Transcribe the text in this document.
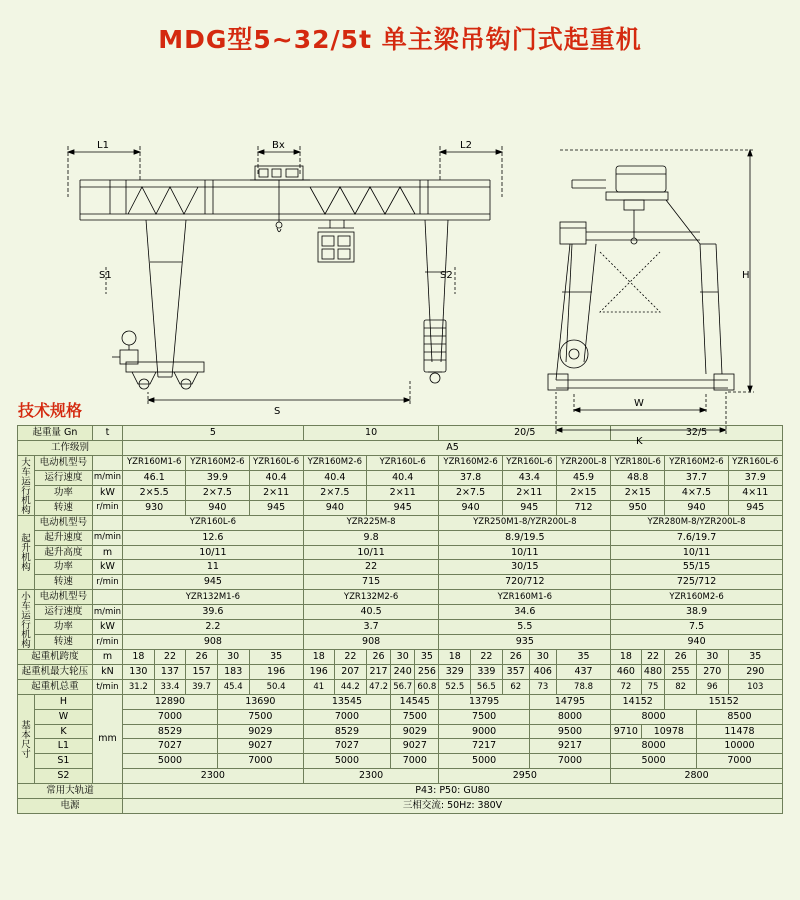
MDG型5~32/5t 单主梁吊钩门式起重机
L1	Bx	L2
S1	S2
S
W
K
H
技术规格
起重量 Gn		t	5					10					20/5					32/5				
工作级别			A5																			

大车运行机构	电动机型号		YZR160M1-6		YZR160M2-6		YZR160L-6	YZR160M2-6		YZR160L-6			YZR160M2-6		YZR160L-6		YZR200L-8	YZR180L-6		YZR160M2-6		YZR160L-6
	运行速度	m/min	46.1		39.9		40.4	40.4		40.4			37.8		43.4		45.9	48.8		37.7		37.9
	功率	kW	2×5.5		2×7.5		2×11	2×7.5		2×11			2×7.5		2×11		2×15	2×15		4×7.5		4×11
	转速	r/min	930		940		945	940		945			940		945		712	950		940		945

起升机构	电动机型号		YZR160L-6					YZR225M-8					YZR250M1-8/YZR200L-8					YZR280M-8/YZR200L-8				
	起升速度	m/min	12.6					9.8					8.9/19.5					7.6/19.7				
	起升高度	m	10/11					10/11					10/11					10/11				
	功率	kW	11					22					30/15					55/15				
	转速	r/min	945					715					720/712					725/712				

小车运行机构	电动机型号		YZR132M1-6					YZR132M2-6					YZR160M1-6					YZR160M2-6				
	运行速度	m/min	39.6					40.5					34.6					38.9				
	功率	kW	2.2					3.7					5.5					7.5				
	转速	r/min	908					908					935					940				
起重机跨度		m	18	22	26	30	35	18	22	26	30	35	18	22	26	30	35	18	22	26	30	35
起重机最大轮压		kN	130	137	157	183	196	196	207	217	240	256	329	339	357	406	437	460	480	255	270	290
起重机总重		t/min	31.2	33.4	39.7	45.4	50.4	41	44.2	47.2	56.7	60.8	52.5	56.5	62	73	78.8	72	75	82	96	103

基本尺寸	H	mm	12890			13690		13545			14545		13795			14795		14152		15152		
	W		7000			7500		7000			7500		7500			8000		8000			8500	
	K		8529			9029		8529			9029		9000			9500		9710	10978		11478	
	L1		7027			9027		7027			9027		7217			9217		8000			10000	
	S1		5000			7000		5000			7000		5000			7000		5000			7000	
	S2		2300					2300					2950					2800				
常用大轨道			P43: P50: GU80																			
电源			三相交流: 50Hz: 380V																			
